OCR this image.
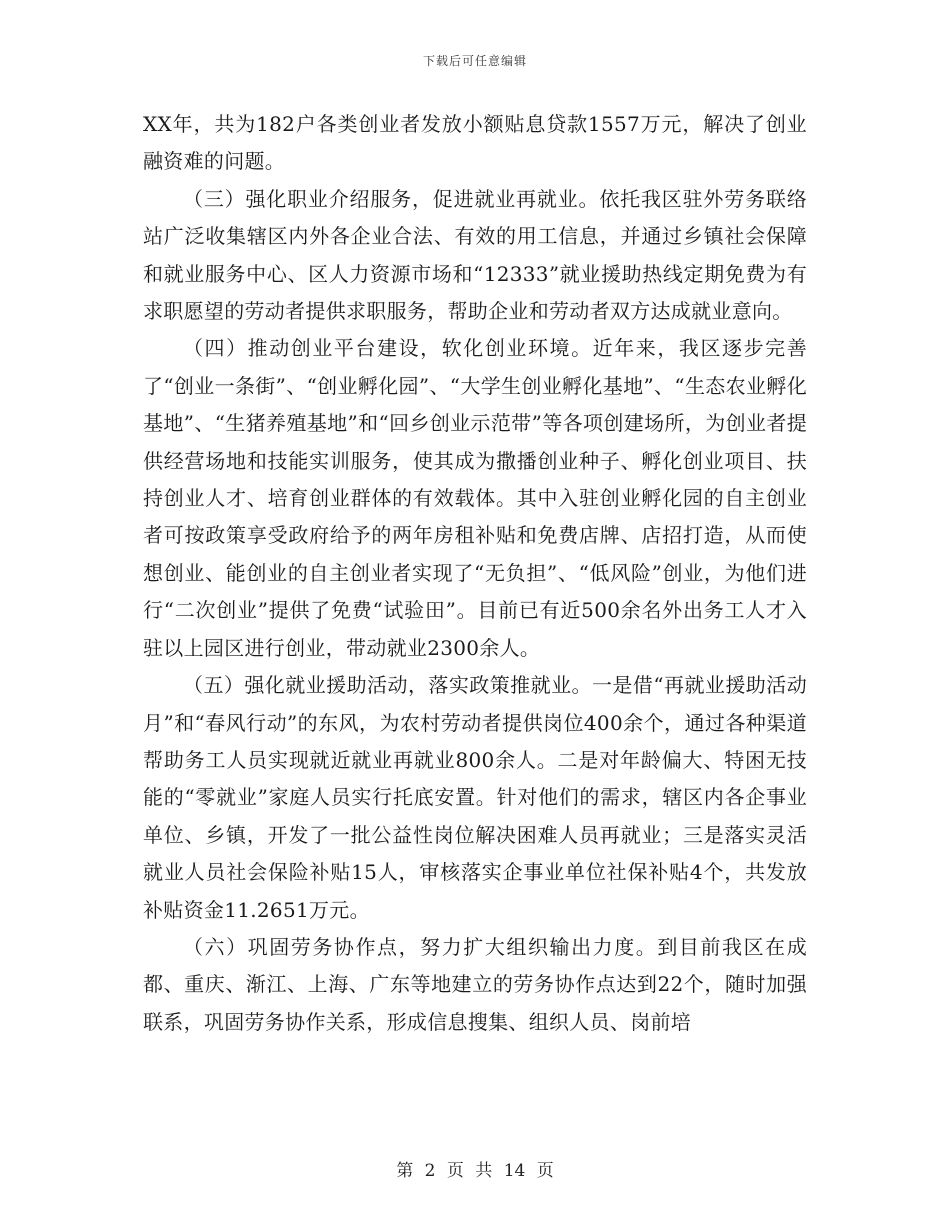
下载后可任意编辑

XX年，共为182户各类创业者发放小额贴息贷款1557万元，解决了创业融资难的问题。

（三）强化职业介绍服务，促进就业再就业。依托我区驻外劳务联络站广泛收集辖区内外各企业合法、有效的用工信息，并通过乡镇社会保障和就业服务中心、区人力资源市场和“12333”就业援助热线定期免费为有求职愿望的劳动者提供求职服务，帮助企业和劳动者双方达成就业意向。

（四）推动创业平台建设，软化创业环境。近年来，我区逐步完善了“创业一条街”、“创业孵化园”、“大学生创业孵化基地”、“生态农业孵化基地”、“生猪养殖基地”和“回乡创业示范带”等各项创建场所，为创业者提供经营场地和技能实训服务，使其成为撒播创业种子、孵化创业项目、扶持创业人才、培育创业群体的有效载体。其中入驻创业孵化园的自主创业者可按政策享受政府给予的两年房租补贴和免费店牌、店招打造，从而使想创业、能创业的自主创业者实现了“无负担”、“低风险”创业，为他们进行“二次创业”提供了免费“试验田”。目前已有近500余名外出务工人才入驻以上园区进行创业，带动就业2300余人。

（五）强化就业援助活动，落实政策推就业。一是借“再就业援助活动月”和“春风行动”的东风，为农村劳动者提供岗位400余个，通过各种渠道帮助务工人员实现就近就业再就业800余人。二是对年龄偏大、特困无技能的“零就业”家庭人员实行托底安置。针对他们的需求，辖区内各企事业单位、乡镇，开发了一批公益性岗位解决困难人员再就业；三是落实灵活就业人员社会保险补贴15人，审核落实企事业单位社保补贴4个，共发放补贴资金11.2651万元。

（六）巩固劳务协作点，努力扩大组织输出力度。到目前我区在成都、重庆、渐江、上海、广东等地建立的劳务协作点达到22个，随时加强联系，巩固劳务协作关系，形成信息搜集、组织人员、岗前培

第 2 页 共 14 页
